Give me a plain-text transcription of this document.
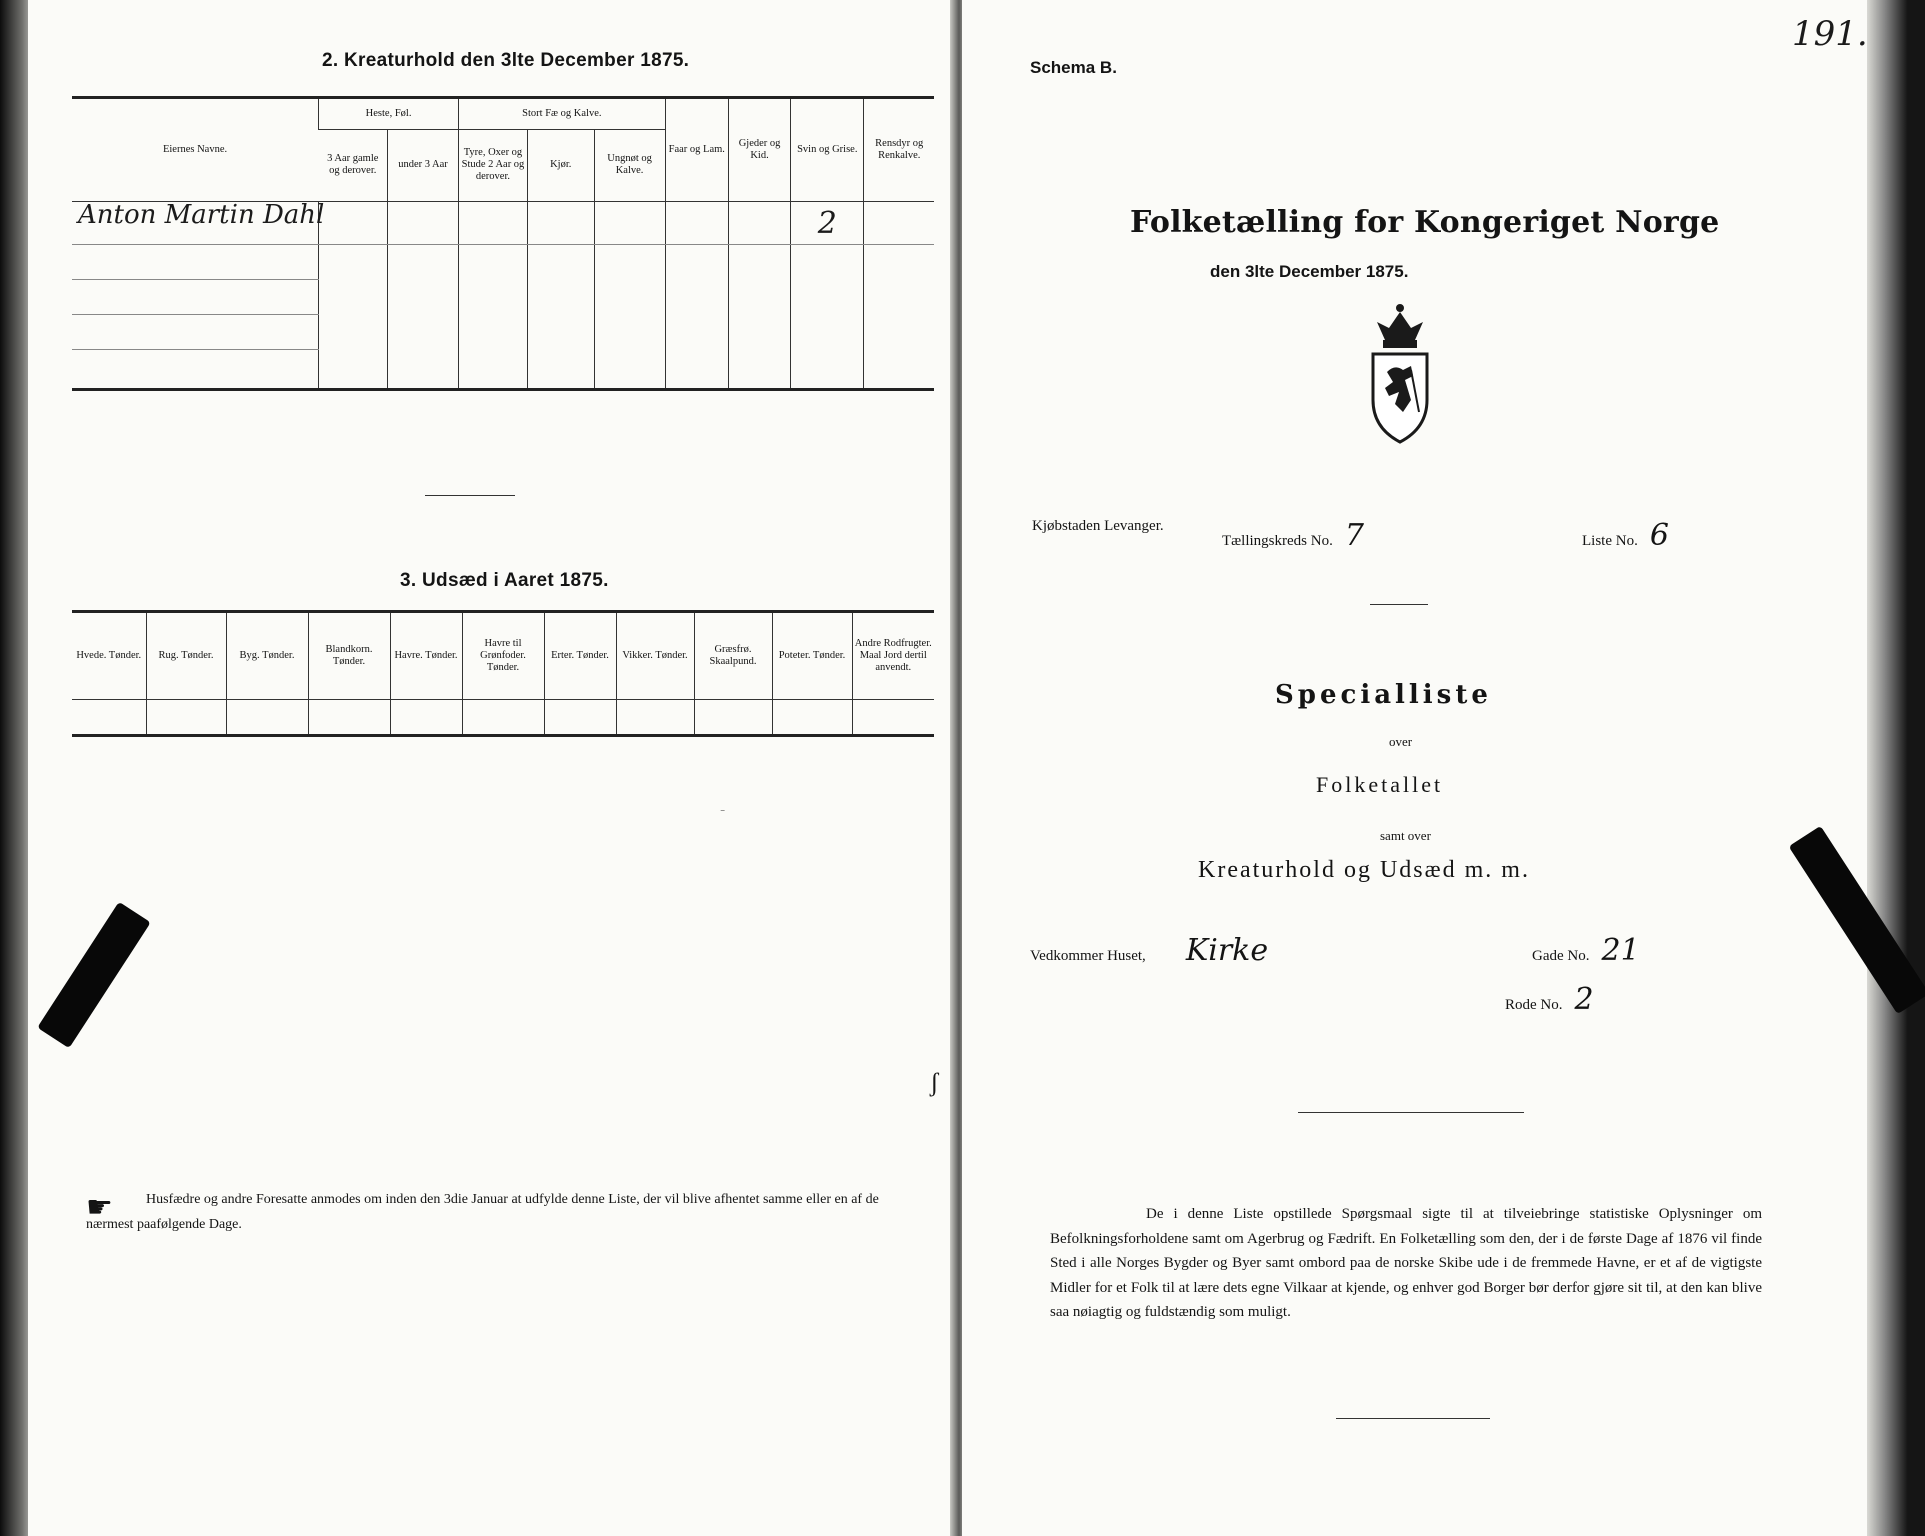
2. Kreaturhold den 3lte December 1875.
Eiernes Navne.	Heste, Føl.		Stort Fæ og Kalve.			Faar og Lam.	Gjeder og Kid.	Svin og Grise.	Rensdyr og Renkalve.
	3 Aar gamle og derover.	under 3 Aar	Tyre, Oxer og Stude 2 Aar og derover.	Kjør.	Ungnøt og Kalve.				

Anton Martin Dahl								2	

3. Udsæd i Aaret 1875.
Hvede. Tønder.	Rug. Tønder.	Byg. Tønder.	Blandkorn. Tønder.	Havre. Tønder.	Havre til Grønfoder. Tønder.	Erter. Tønder.	Vikker. Tønder.	Græsfrø. Skaalpund.	Poteter. Tønder.	Andre Rodfrugter. Maal Jord dertil anvendt.

⁻
ʃ
☛	Husfædre og andre Foresatte anmodes om inden den 3die Januar at udfylde denne Liste, der vil blive afhentet samme eller en af de nærmest paafølgende Dage.
191.
Schema B.
Folketælling for Kongeriget Norge
den 3lte December 1875.
Kjøbstaden Levanger.
Tællingskreds No. 7	Liste No. 6
Specialliste
over
Folketallet
samt over
Kreaturhold og Udsæd m. m.
Vedkommer Huset, Kirke	Gade No. 21
Rode No. 2
De i denne Liste opstillede Spørgsmaal sigte til at tilveiebringe statistiske Oplysninger om Befolkningsforholdene samt om Agerbrug og Fædrift. En Folketælling som den, der i de første Dage af 1876 vil finde Sted i alle Norges Bygder og Byer samt ombord paa de norske Skibe ude i de fremmede Havne, er et af de vigtigste Midler for et Folk til at lære dets egne Vilkaar at kjende, og enhver god Borger bør derfor gjøre sit til, at den kan blive saa nøiagtig og fuldstændig som muligt.
